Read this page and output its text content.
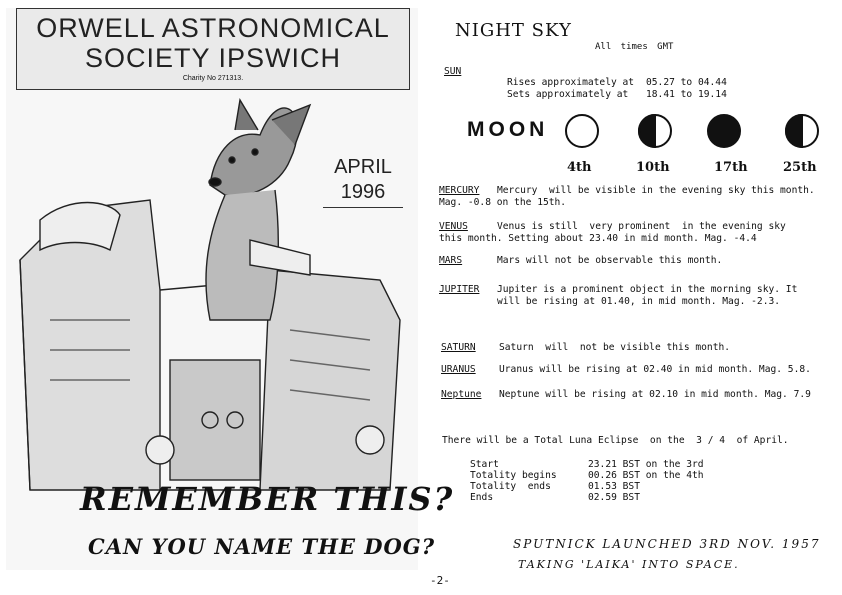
ORWELL ASTRONOMICAL
SOCIETY IPSWICH
Charity No 271313.
APRIL
1996
REMEMBER THIS?
CAN YOU NAME THE DOG?
NIGHT SKY
All times GMT
SUN
Rises approximately at 05.27 to 04.44
Sets approximately at 18.41 to 19.14
MOON
4th	10th	17th	25th
MERCURY Mercury  will be visible in the evening sky this month.
Mag. -0.8 on the 15th.
VENUS	Venus is still  very prominent  in the evening sky
this month. Setting about 23.40 in mid month. Mag. -4.4
MARS	Mars will not be observable this month.
JUPITER Jupiter is a prominent object in the morning sky. It
will be rising at 01.40, in mid month. Mag. -2.3.
SATURN Saturn  will  not be visible this month.
URANUS Uranus will be rising at 02.40 in mid month. Mag. 5.8.
Neptune Neptune will be rising at 02.10 in mid month. Mag. 7.9
There will be a Total Luna Eclipse  on the  3 / 4  of April.
Start	23.21 BST on the 3rd
Totality begins	00.26 BST on the 4th
Totality  ends	01.53 BST
Ends	02.59 BST
SPUTNICK LAUNCHED 3RD NOV. 1957
TAKING 'LAIKA' INTO SPACE.
-2-
